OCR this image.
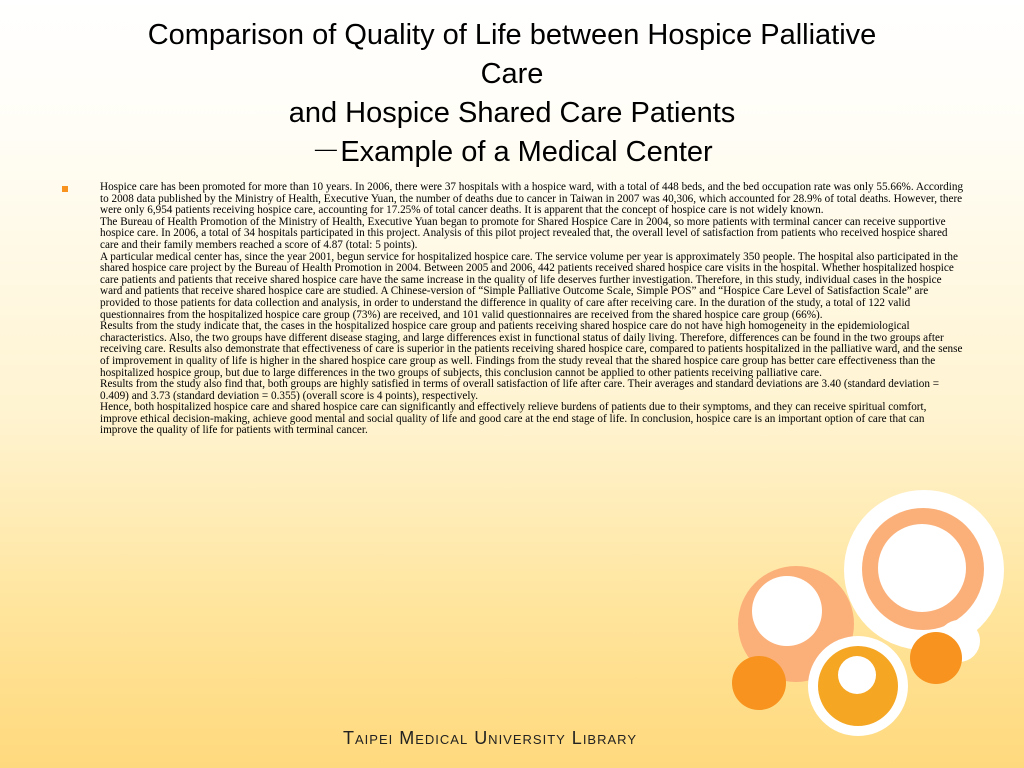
Comparison of Quality of Life between Hospice Palliative
Care
and Hospice Shared Care Patients
－Example of a Medical Center

Hospice care has been promoted for more than 10 years. In 2006, there were 37 hospitals with a hospice ward, with a total of 448 beds, and the bed occupation rate was only 55.66%. According to 2008 data published by the Ministry of Health, Executive Yuan, the number of deaths due to cancer in Taiwan in 2007 was 40,306, which accounted for 28.9% of total deaths. However, there were only 6,954 patients receiving hospice care, accounting for 17.25% of total cancer deaths. It is apparent that the concept of hospice care is not widely known.

The Bureau of Health Promotion of the Ministry of Health, Executive Yuan began to promote for Shared Hospice Care in 2004, so more patients with terminal cancer can receive supportive hospice care. In 2006, a total of 34 hospitals participated in this project. Analysis of this pilot project revealed that, the overall level of satisfaction from patients who received hospice shared care and their family members reached a score of 4.87 (total: 5 points).

A particular medical center has, since the year 2001, begun service for hospitalized hospice care. The service volume per year is approximately 350 people. The hospital also participated in the shared hospice care project by the Bureau of Health Promotion in 2004. Between 2005 and 2006, 442 patients received shared hospice care visits in the hospital. Whether hospitalized hospice care patients and patients that receive shared hospice care have the same increase in the quality of life deserves further investigation. Therefore, in this study, individual cases in the hospice ward and patients that receive shared hospice care are studied. A Chinese-version of “Simple Palliative Outcome Scale, Simple POS” and “Hospice Care Level of Satisfaction Scale” are provided to those patients for data collection and analysis, in order to understand the difference in quality of care after receiving care. In the duration of the study, a total of 122 valid questionnaires from the hospitalized hospice care group (73%) are received, and 101 valid questionnaires are received from the shared hospice care group (66%).

Results from the study indicate that, the cases in the hospitalized hospice care group and patients receiving shared hospice care do not have high homogeneity in the epidemiological characteristics. Also, the two groups have different disease staging, and large differences exist in functional status of daily living. Therefore, differences can be found in the two groups after receiving care. Results also demonstrate that effectiveness of care is superior in the patients receiving shared hospice care, compared to patients hospitalized in the palliative ward, and the sense of improvement in quality of life is higher in the shared hospice care group as well. Findings from the study reveal that the shared hospice care group has better care effectiveness than the hospitalized hospice group, but due to large differences in the two groups of subjects, this conclusion cannot be applied to other patients receiving palliative care.

Results from the study also find that, both groups are highly satisfied in terms of overall satisfaction of life after care. Their averages and standard deviations are 3.40 (standard deviation = 0.409) and 3.73 (standard deviation = 0.355) (overall score is 4 points), respectively.

Hence, both hospitalized hospice care and shared hospice care can significantly and effectively relieve burdens of patients due to their symptoms, and they can receive spiritual comfort, improve ethical decision-making, achieve good mental and social quality of life and good care at the end stage of life. In conclusion, hospice care is an important option of care that can improve the quality of life for patients with terminal cancer.

Taipei Medical University Library
